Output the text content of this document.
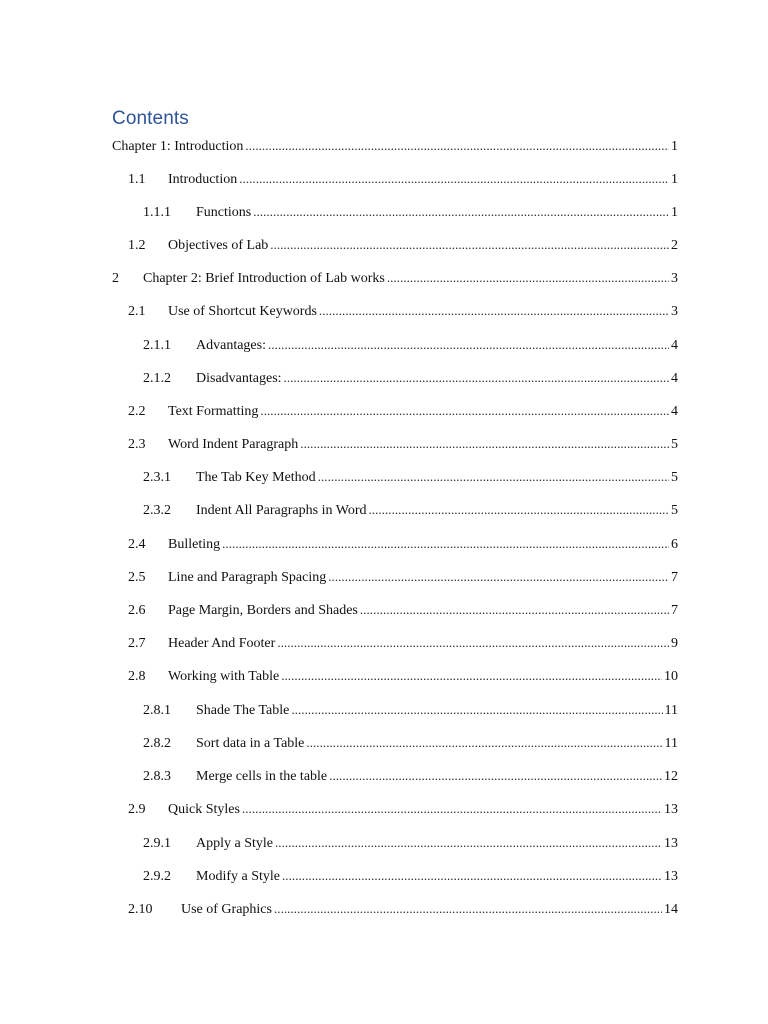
Contents
Chapter 1: Introduction . . .	1
1.1	Introduction . . .	1
1.1.1	Functions . . .	1
1.2	Objectives of Lab . . .	2
2	Chapter 2: Brief Introduction of Lab works . . .	3
2.1	Use of Shortcut Keywords . . .	3
2.1.1	Advantages: . . .	4
2.1.2	Disadvantages: . . .	4
2.2	Text Formatting . . .	4
2.3	Word Indent Paragraph . . .	5
2.3.1	The Tab Key Method . . .	5
2.3.2	Indent All Paragraphs in Word . . .	5
2.4	Bulleting . . .	6
2.5	Line and Paragraph Spacing . . .	7
2.6	Page Margin, Borders and Shades . . .	7
2.7	Header And Footer . . .	9
2.8	Working with Table . . .	10
2.8.1	Shade The Table . . .	11
2.8.2	Sort data in a Table . . .	11
2.8.3	Merge cells in the table . . .	12
2.9	Quick Styles . . .	13
2.9.1	Apply a Style . . .	13
2.9.2	Modify a Style . . .	13
2.10	Use of Graphics . . .	14
